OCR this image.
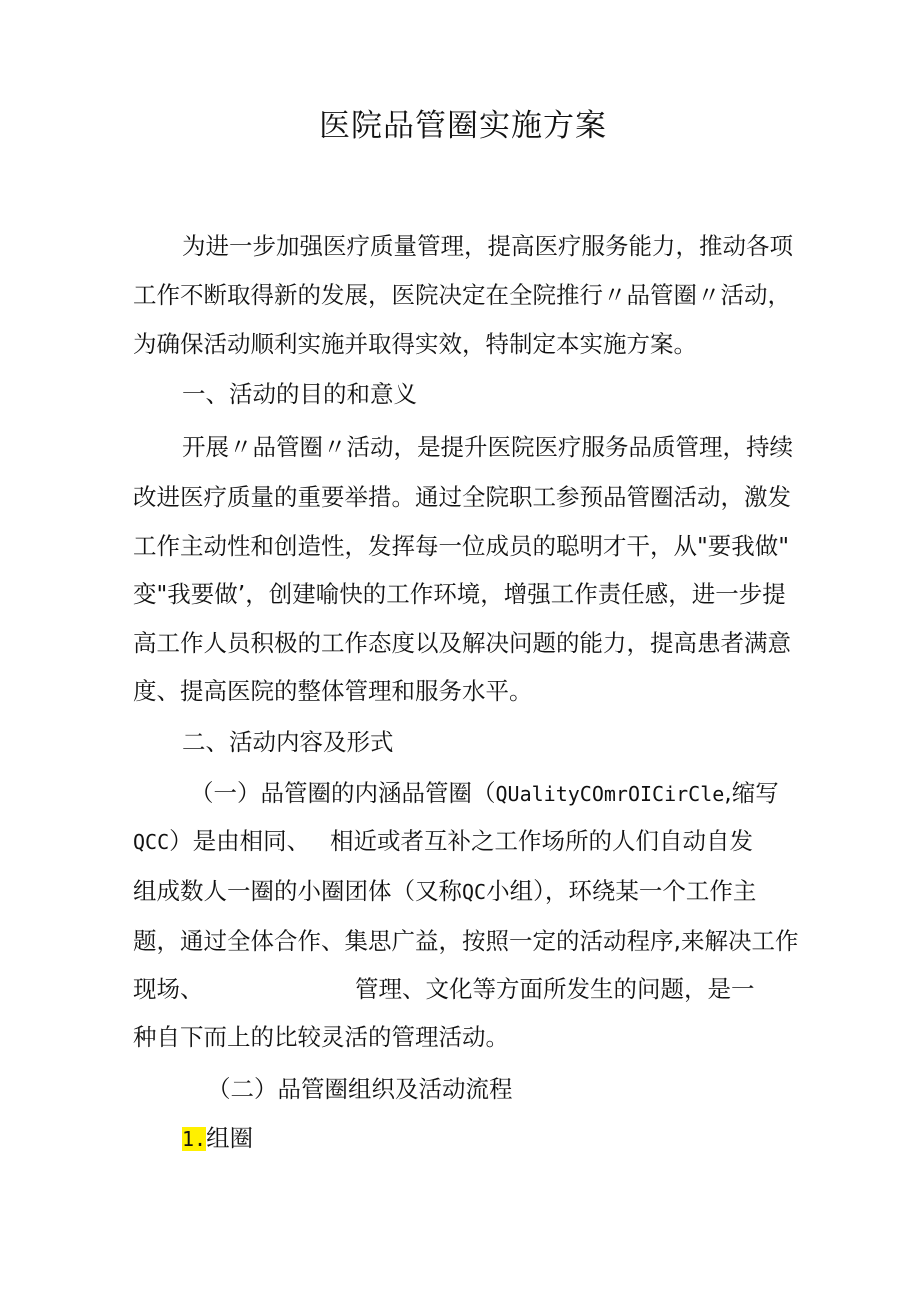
医院品管圈实施方案
为进一步加强医疗质量管理，提高医疗服务能力，推动各项
工作不断取得新的发展，医院决定在全院推行〃品管圈〃活动，
为确保活动顺利实施并取得实效，特制定本实施方案。
一、活动的目的和意义
开展〃品管圈〃活动，是提升医院医疗服务品质管理，持续
改进医疗质量的重要举措。通过全院职工参预品管圈活动，激发
工作主动性和创造性，发挥每一位成员的聪明才干，从"要我做"
变"我要做’，创建喻快的工作环境，增强工作责任感，进一步提
高工作人员积极的工作态度以及解决问题的能力，提高患者满意
度、提高医院的整体管理和服务水平。
二、活动内容及形式
（一）品管圈的内涵品管圈（QUalityCOmrOICirCle,缩写
QCC）是由相同、 相近或者互补之工作场所的人们自动自发
组成数人一圈的小圈团体（又称QC小组），环绕某一个工作主
题，通过全体合作、集思广益，按照一定的活动程序,来解决工作
现场、	管理、文化等方面所发生的问题，是一
种自下而上的比较灵活的管理活动。
（二）品管圈组织及活动流程
1.组圈
